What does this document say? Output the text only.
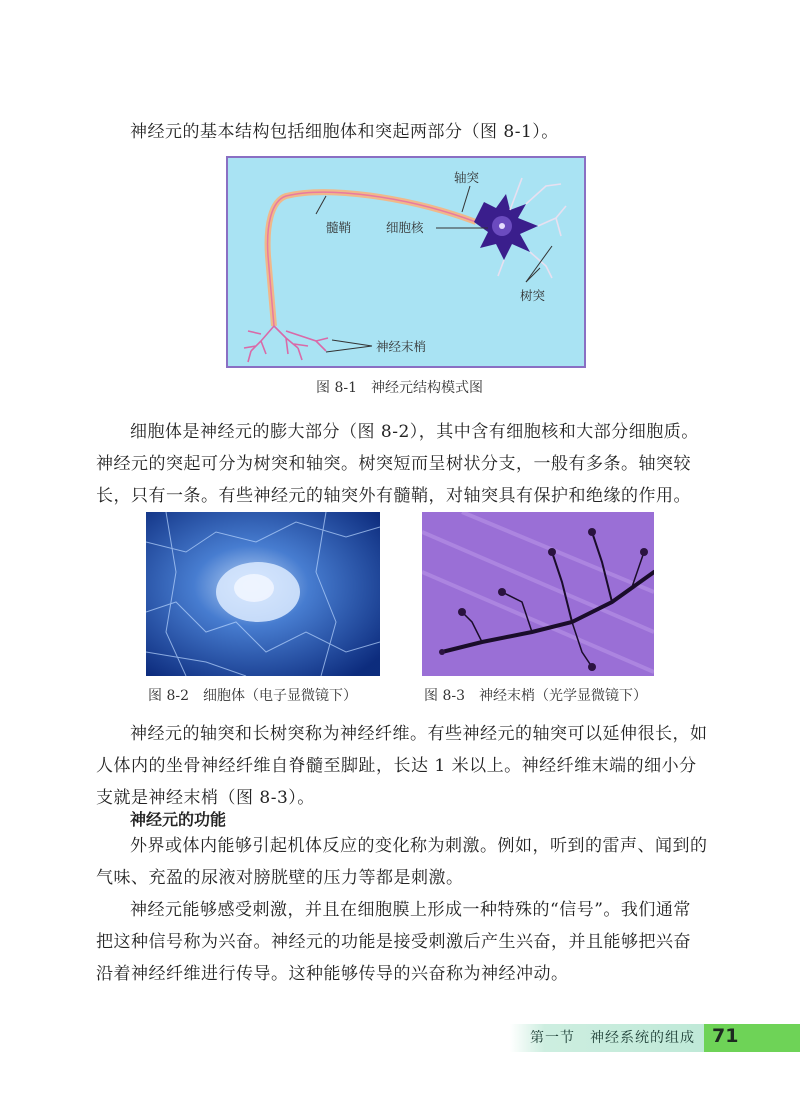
神经元的基本结构包括细胞体和突起两部分（图 8-1）。

轴突
髓鞘	细胞核
树突
神经末梢
图 8-1　神经元结构模式图

细胞体是神经元的膨大部分（图 8-2），其中含有细胞核和大部分细胞质。神经元的突起可分为树突和轴突。树突短而呈树状分支，一般有多条。轴突较长，只有一条。有些神经元的轴突外有髓鞘，对轴突具有保护和绝缘的作用。

图 8-2　细胞体（电子显微镜下）	图 8-3　神经末梢（光学显微镜下）

神经元的轴突和长树突称为神经纤维。有些神经元的轴突可以延伸很长，如人体内的坐骨神经纤维自脊髓至脚趾，长达 1 米以上。神经纤维末端的细小分支就是神经末梢（图 8-3）。

神经元的功能

外界或体内能够引起机体反应的变化称为刺激。例如，听到的雷声、闻到的气味、充盈的尿液对膀胱壁的压力等都是刺激。

神经元能够感受刺激，并且在细胞膜上形成一种特殊的“信号”。我们通常把这种信号称为兴奋。神经元的功能是接受刺激后产生兴奋，并且能够把兴奋沿着神经纤维进行传导。这种能够传导的兴奋称为神经冲动。

第一节　神经系统的组成 71
